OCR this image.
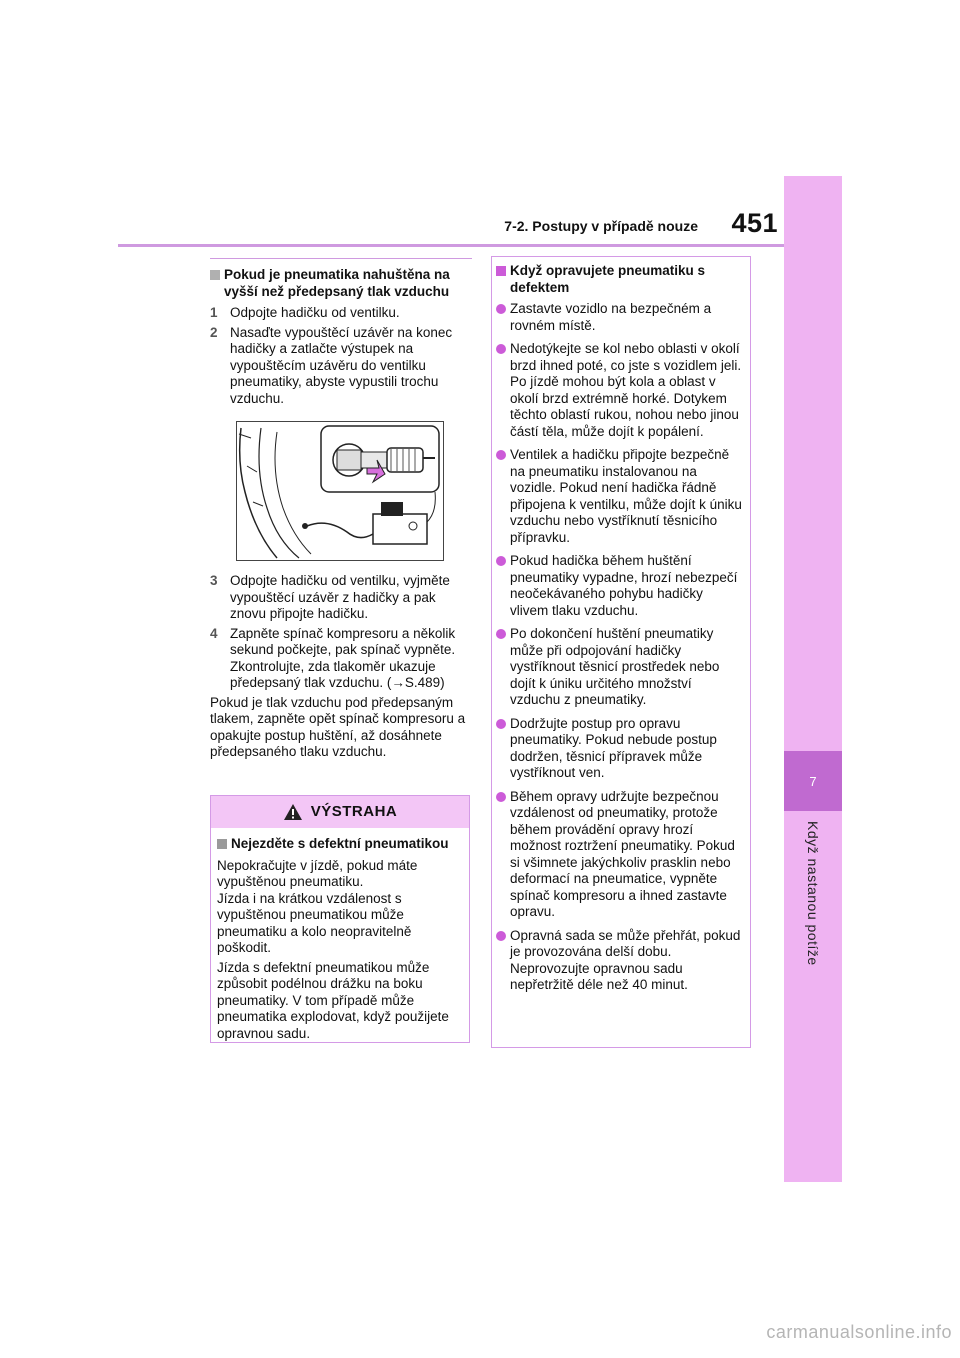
7
Když nastanou potíže
7-2. Postupy v případě nouze	451
Pokud je pneumatika nahuštěna na vyšší než předepsaný tlak vzduchu
1 Odpojte hadičku od ventilku.
2 Nasaďte vypouštěcí uzávěr na konec hadičky a zatlačte výstupek na vypouštěcím uzávěru do ventilku pneumatiky, abyste vypustili trochu vzduchu.
3 Odpojte hadičku od ventilku, vyjměte vypouštěcí uzávěr z hadičky a pak znovu připojte hadičku.
4 Zapněte spínač kompresoru a několik sekund počkejte, pak spínač vypněte. Zkontrolujte, zda tlakoměr ukazuje předepsaný tlak vzduchu. (→S.489)
Pokud je tlak vzduchu pod předepsaným tlakem, zapněte opět spínač kompresoru a opakujte postup huštění, až dosáhnete předepsaného tlaku vzduchu.
VÝSTRAHA
Nejezděte s defektní pneumatikou
Nepokračujte v jízdě, pokud máte vypuštěnou pneumatiku.
Jízda i na krátkou vzdálenost s vypuštěnou pneumatikou může pneumatiku a kolo neopravitelně poškodit.
Jízda s defektní pneumatikou může způsobit podélnou drážku na boku pneumatiky. V tom případě může pneumatika explodovat, když použijete opravnou sadu.
Když opravujete pneumatiku s defektem
Zastavte vozidlo na bezpečném a rovném místě.
Nedotýkejte se kol nebo oblasti v okolí brzd ihned poté, co jste s vozidlem jeli.
Po jízdě mohou být kola a oblast v okolí brzd extrémně horké. Dotykem těchto oblastí rukou, nohou nebo jinou částí těla, může dojít k popálení.
Ventilek a hadičku připojte bezpečně na pneumatiku instalovanou na vozidle. Pokud není hadička řádně připojena k ventilku, může dojít k úniku vzduchu nebo vystříknutí těsnicího přípravku.
Pokud hadička během huštění pneumatiky vypadne, hrozí nebezpečí neočekávaného pohybu hadičky vlivem tlaku vzduchu.
Po dokončení huštění pneumatiky může při odpojování hadičky vystříknout těsnicí prostředek nebo dojít k úniku určitého množství vzduchu z pneumatiky.
Dodržujte postup pro opravu pneumatiky. Pokud nebude postup dodržen, těsnicí přípravek může vystříknout ven.
Během opravy udržujte bezpečnou vzdálenost od pneumatiky, protože během provádění opravy hrozí možnost roztržení pneumatiky. Pokud si všimnete jakýchkoliv prasklin nebo deformací na pneumatice, vypněte spínač kompresoru a ihned zastavte opravu.
Opravná sada se může přehřát, pokud je provozována delší dobu. Neprovozujte opravnou sadu nepřetržitě déle než 40 minut.
carmanualsonline.info
